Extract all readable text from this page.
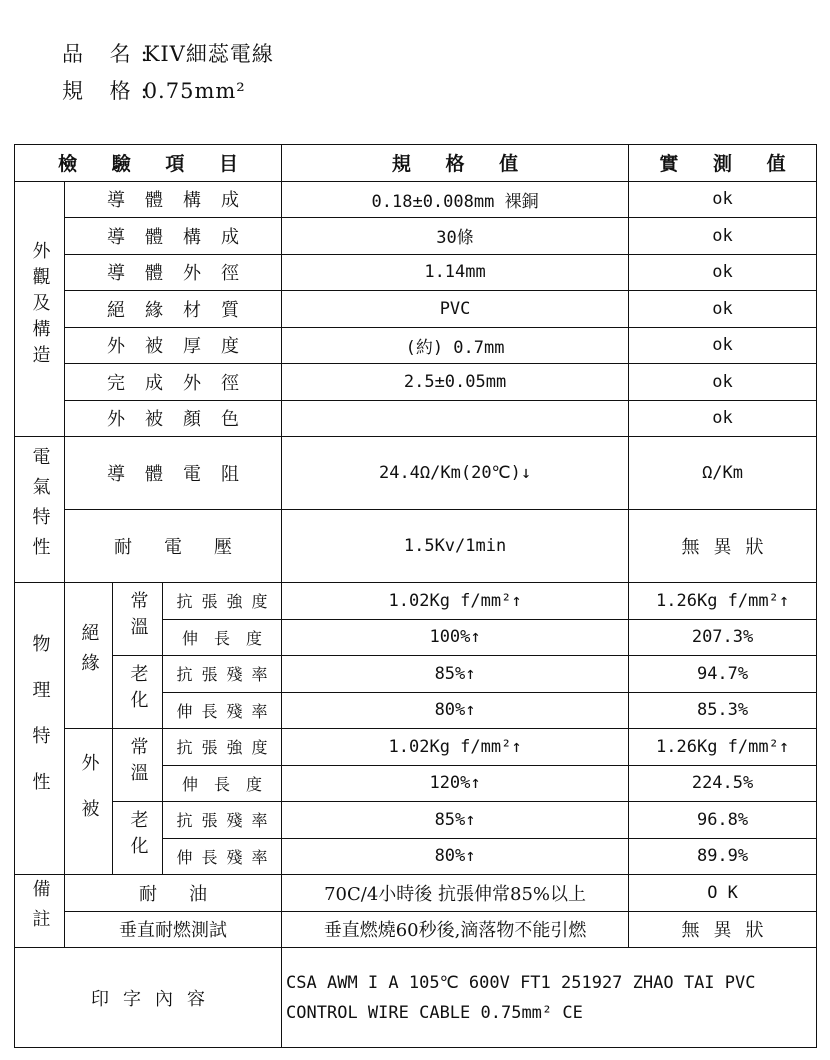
品 名: KIV細蕊電線
規 格: 0.75mm²
檢 驗 項 目				規 格 值	實 測 值
外觀及構造	導體構成			0.18±0.008mm 裸銅	ok
	導體構成			30條	ok
	導體外徑			1.14mm	ok
	絕緣材質			PVC	ok
	外被厚度			(約) 0.7mm	ok
	完成外徑			2.5±0.05mm	ok
	外被顏色				ok
電氣特性	導體電阻			24.4Ω/Km(20℃)↓	Ω/Km
	耐電壓			1.5Kv/1min	無異狀
物理特性	絕緣	常溫	抗張強度	1.02Kg f/mm²↑	1.26Kg f/mm²↑
			伸長度	100%↑	207.3%
		老化	抗張殘率	85%↑	94.7%
			伸長殘率	80%↑	85.3%
	外被	常溫	抗張強度	1.02Kg f/mm²↑	1.26Kg f/mm²↑
			伸長度	120%↑	224.5%
		老化	抗張殘率	85%↑	96.8%
			伸長殘率	80%↑	89.9%
備註	耐油			70C/4小時後 抗張伸常85%以上	O K
	垂直耐燃測試			垂直燃燒60秒後,滴落物不能引燃	無異狀
印字內容				CSA AWM I A 105℃ 600V FT1 251927 ZHAO TAI PVC
CONTROL WIRE CABLE 0.75mm² CE	
